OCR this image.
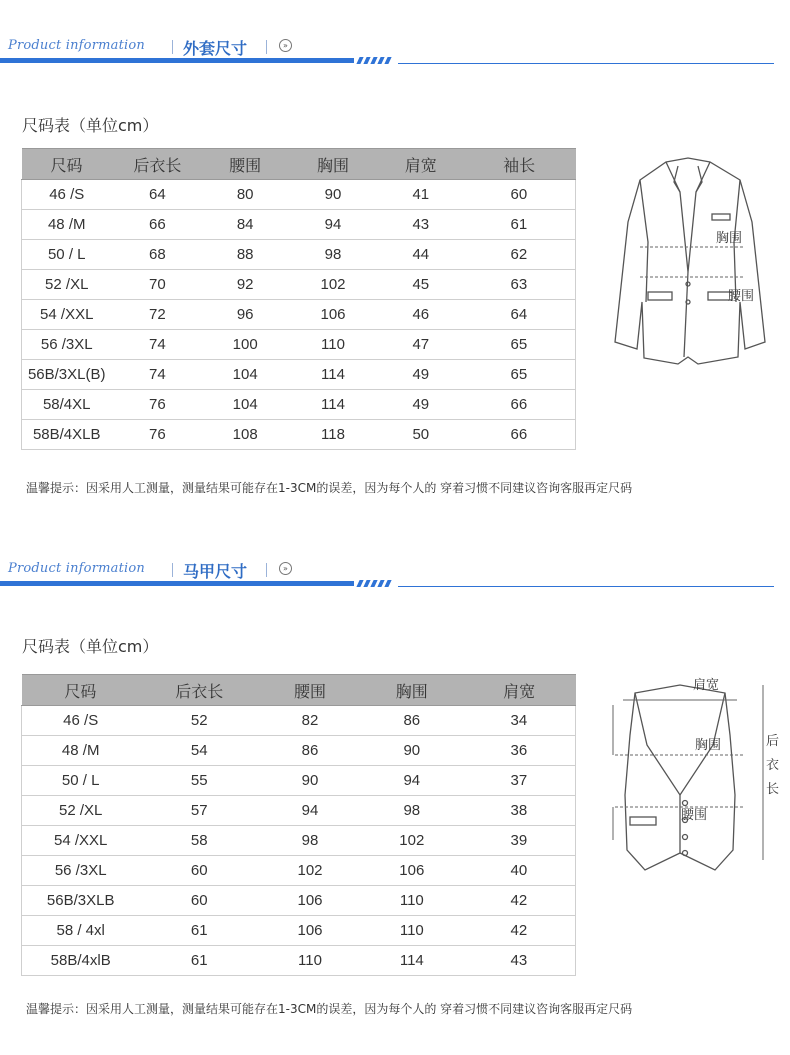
Product information 外套尺寸	»
尺码表（单位cm）
尺码	后衣长	腰围	胸围	肩宽	袖长
46 /S	64	80	90	41	60
48 /M	66	84	94	43	61
50 / L	68	88	98	44	62
52 /XL	70	92	102	45	63
54 /XXL	72	96	106	46	64
56 /3XL	74	100	110	47	65
56B/3XL(B)	74	104	114	49	65
58/4XL	76	104	114	49	66
58B/4XLB	76	108	118	50	66
胸围
腰围
温馨提示：因采用人工测量，测量结果可能存在1-3CM的误差，因为每个人的 穿着习惯不同建议咨询客服再定尺码
Product information 马甲尺寸	»
尺码表（单位cm）
尺码	后衣长	腰围	胸围	肩宽
46 /S	52	82	86	34
48 /M	54	86	90	36
50 / L	55	90	94	37
52 /XL	57	94	98	38
54 /XXL	58	98	102	39
56 /3XL	60	102	106	40
56B/3XLB	60	106	110	42
58 / 4xl	61	106	110	42
58B/4xlB	61	110	114	43
肩宽
胸围
腰围
后
衣
长
温馨提示：因采用人工测量，测量结果可能存在1-3CM的误差，因为每个人的 穿着习惯不同建议咨询客服再定尺码
